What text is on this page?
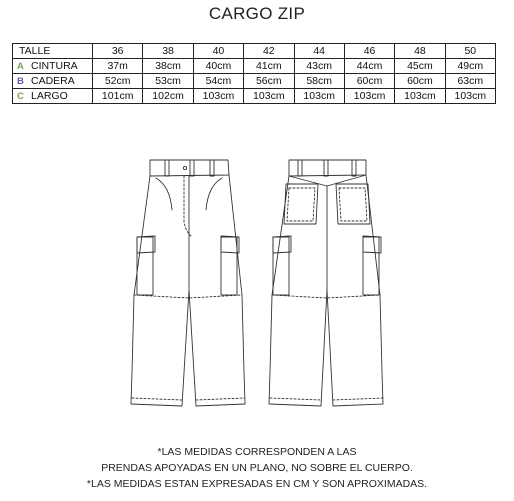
CARGO ZIP
TALLE	36	38	40	42	44	46	48	50
A CINTURA	37m	38cm	40cm	41cm	43cm	44cm	45cm	49cm
B CADERA	52cm	53cm	54cm	56cm	58cm	60cm	60cm	63cm
C LARGO	101cm	102cm	103cm	103cm	103cm	103cm	103cm	103cm
*LAS MEDIDAS CORRESPONDEN A LAS
PRENDAS APOYADAS EN UN PLANO, NO SOBRE EL CUERPO.
*LAS MEDIDAS ESTAN EXPRESADAS EN CM Y SON APROXIMADAS.
